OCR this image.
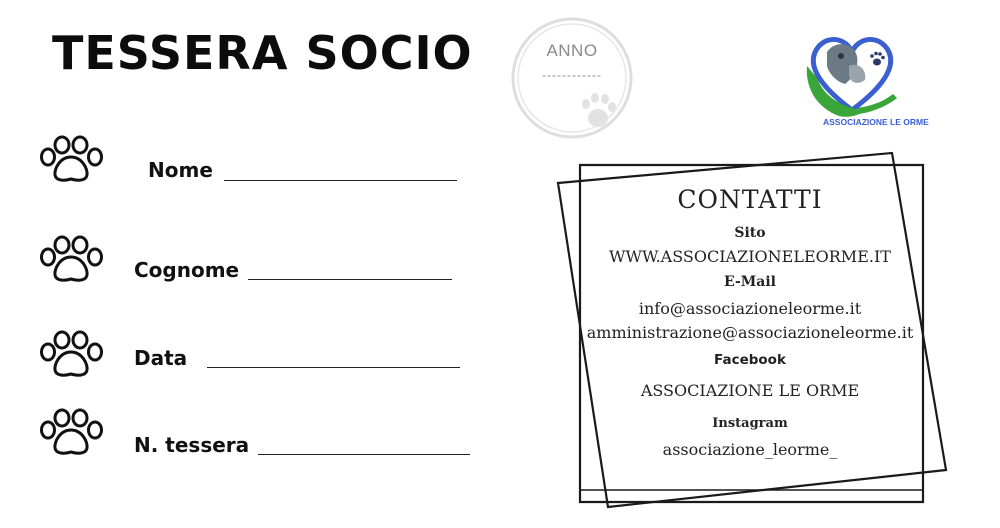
TESSERA SOCIO	ANNO
------------
ASSOCIAZIONE LE ORME
Nome
Cognome
Data
N. tessera
CONTATTI
Sito
WWW.ASSOCIAZIONELEORME.IT
E-Mail
info@associazioneleorme.it
amministrazione@associazioneleorme.it
Facebook
ASSOCIAZIONE LE ORME
Instagram
associazione_leorme_
